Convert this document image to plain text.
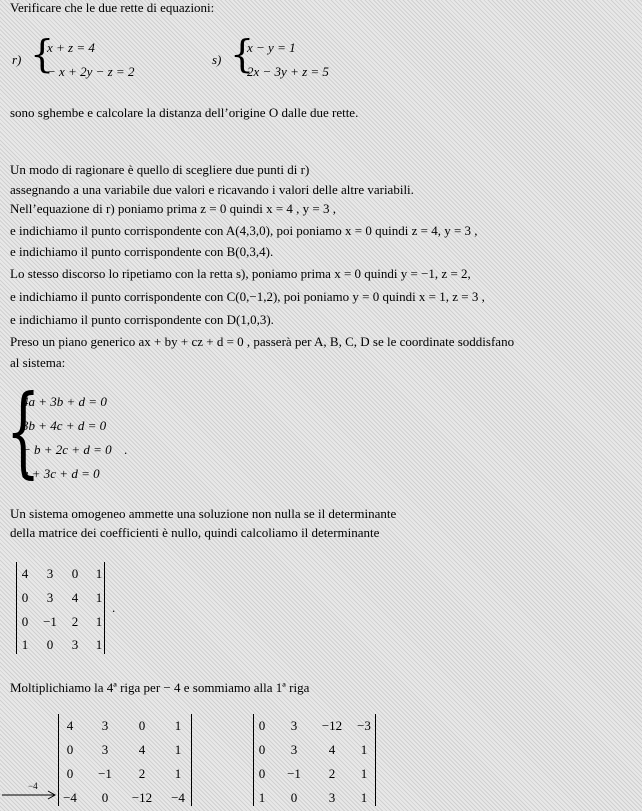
Verificare che le due rette di equazioni:
r) {
x + z = 4
− x + 2y − z = 2
s) {
x − y = 1
2x − 3y + z = 5
sono sghembe e calcolare la distanza dell’origine O dalle due rette.
Un modo di ragionare è quello di scegliere due punti di r)
assegnando a una variabile due valori e ricavando i valori delle altre variabili.
Nell’equazione di r) poniamo prima z = 0 quindi x = 4 , y = 3 ,
e indichiamo il punto corrispondente con A(4,3,0), poi poniamo x = 0 quindi z = 4, y = 3 ,
e indichiamo il punto corrispondente con B(0,3,4).
Lo stesso discorso lo ripetiamo con la retta s), poniamo prima x = 0 quindi y = −1, z = 2,
e indichiamo il punto corrispondente con C(0,−1,2), poi poniamo y = 0 quindi x = 1, z = 3 ,
e indichiamo il punto corrispondente con D(1,0,3).
Preso un piano generico ax + by + cz + d = 0 , passerà per A, B, C, D se le coordinate soddisfano
al sistema:
{
4a + 3b + d = 0
3b + 4c + d = 0
− b + 2c + d = 0
a + 3c + d = 0
.
Un sistema omogeneo ammette una soluzione non nulla se il determinante
della matrice dei coefficienti è nullo, quindi calcoliamo il determinante
4	3	0	1
0	3	4	1
0	−1	2	1
1	0	3	1
.
Moltiplichiamo la 4ª riga per − 4 e sommiamo alla 1ª riga
4	3	0	1
0	3	4	1
0	−1	2	1
−4	0	−12	−4
−4
0	3	−12	−3
0	3	4	1
0	−1	2	1
1	0	3	1
